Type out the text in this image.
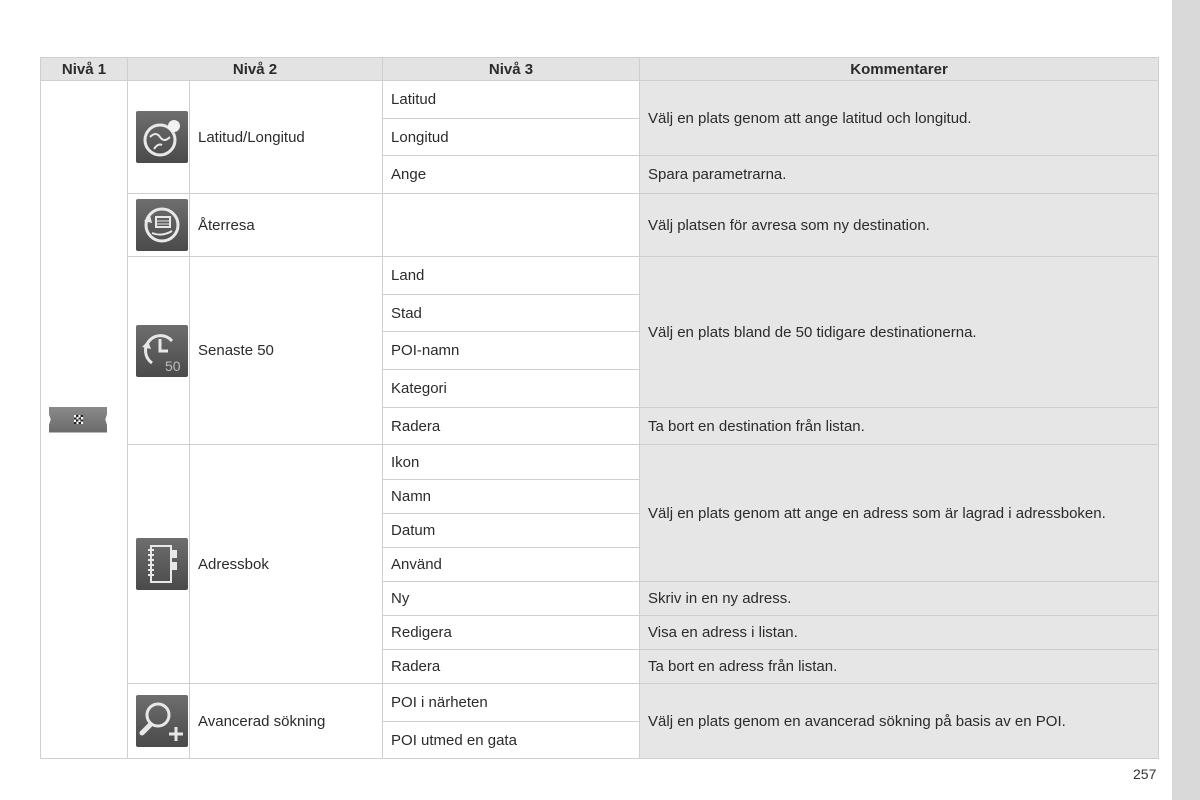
Nivå 1	Nivå 2		Nivå 3	Kommentarer

	Latitud/Longitud	Latitud	Välj en plats genom att ange latitud och longitud.
			Longitud	
			Ange	Spara parametrarna.

	Återresa		Välj platsen för avresa som ny destination.

50	Senaste 50	Land	Välj en plats bland de 50 tidigare destinationerna.
			Stad	
			POI-namn	
			Kategori	
			Radera	Ta bort en destination från listan.

	Adressbok	Ikon	Välj en plats genom att ange en adress som är lagrad i adressboken.
			Namn	
			Datum	
			Använd	
			Ny	Skriv in en ny adress.
			Redigera	Visa en adress i listan.
			Radera	Ta bort en adress från listan.

	Avancerad sökning	POI i närheten	Välj en plats genom en avancerad sökning på basis av en POI.
			POI utmed en gata	
257
